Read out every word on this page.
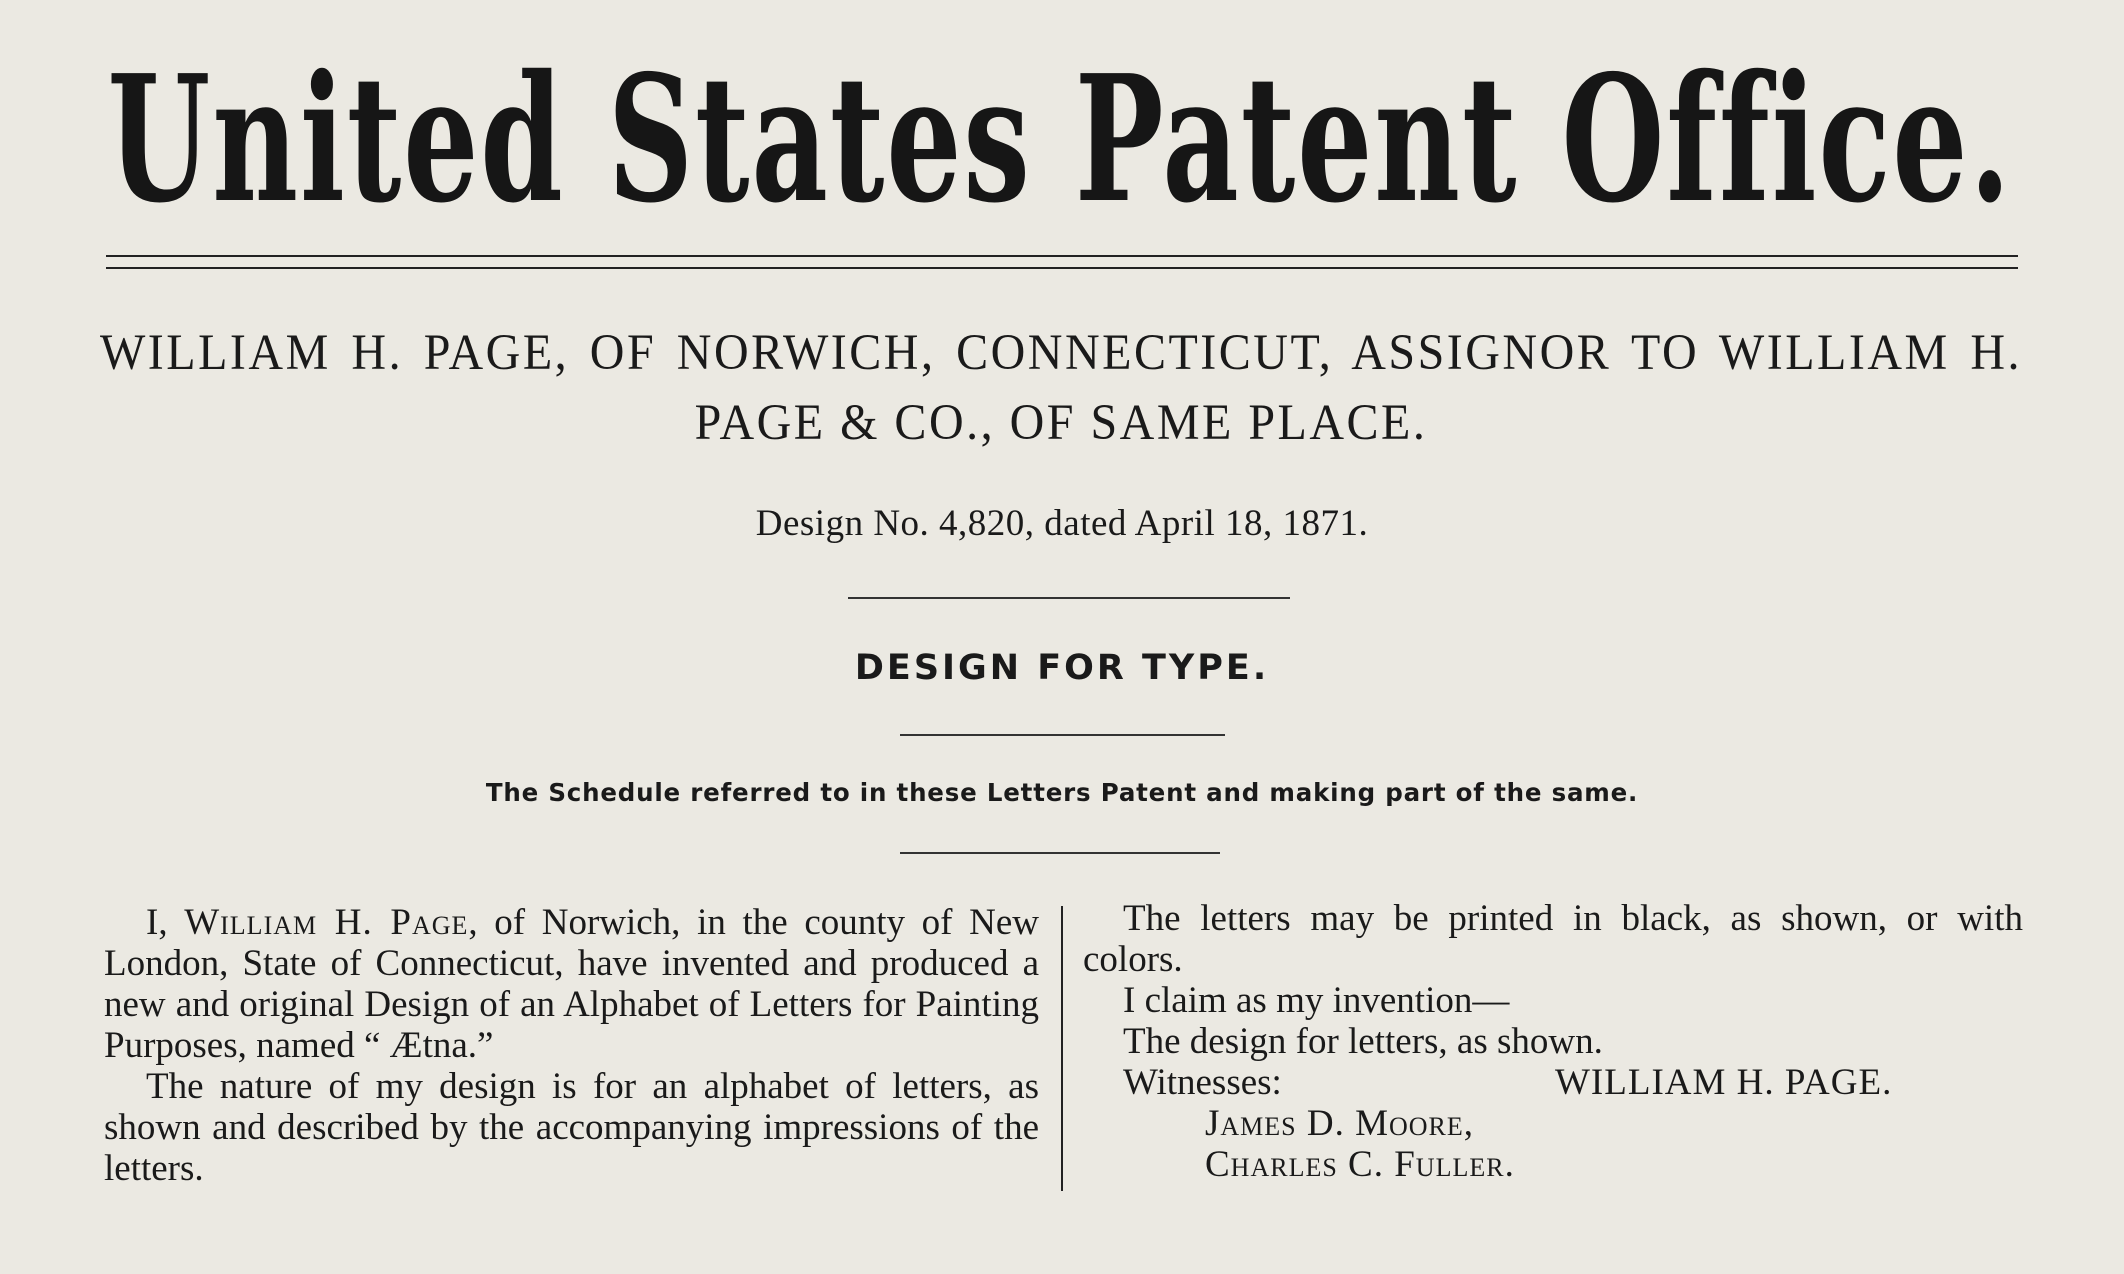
United States Patent Office.
WILLIAM H. PAGE, OF NORWICH, CONNECTICUT, ASSIGNOR TO WILLIAM H. PAGE & CO., OF SAME PLACE.
Design No. 4,820, dated April 18, 1871.
DESIGN FOR TYPE.
The Schedule referred to in these Letters Patent and making part of the same.

I, William H. Page, of Norwich, in the county of New London, State of Connecticut, have invented and produced a new and original Design of an Alphabet of Letters for Painting Purposes, named “ Ætna.”

The nature of my design is for an alphabet of letters, as shown and described by the accompanying impressions of the letters.

The letters may be printed in black, as shown, or with colors.

I claim as my invention—

The design for letters, as shown.

Witnesses:	WILLIAM H. PAGE.

James D. Moore,

Charles C. Fuller.
